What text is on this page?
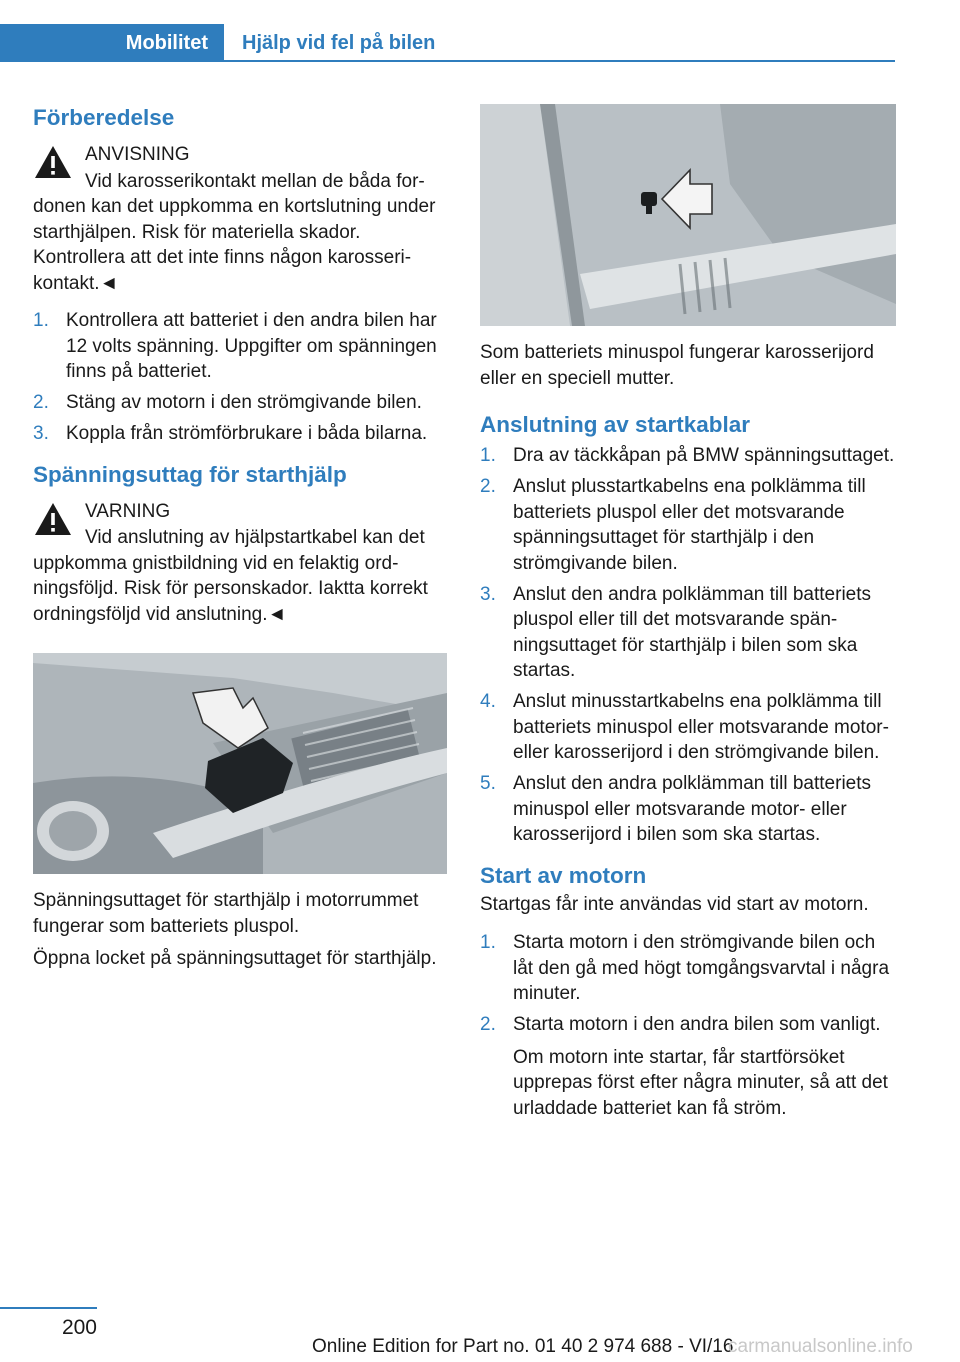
Mobilitet	Hjälp vid fel på bilen
Förberedelse
ANVISNING
Vid karosserikontakt mellan de båda fordonen kan det uppkomma en kortslutning under starthjälpen. Risk för materiella skador. Kontrollera att det inte finns någon karosserikontakt.◄
1. Kontrollera att batteriet i den andra bilen har 12 volts spänning. Uppgifter om spänningen finns på batteriet.
2. Stäng av motorn i den strömgivande bilen.
3. Koppla från strömförbrukare i båda bilarna.
Spänningsuttag för starthjälp
VARNING
Vid anslutning av hjälpstartkabel kan det uppkomma gnistbildning vid en felaktig ordningsföljd. Risk för personskador. Iaktta korrekt ordningsföljd vid anslutning.◄

Spänningsuttaget för starthjälp i motorrummet fungerar som batteriets pluspol.

Öppna locket på spänningsuttaget för starthjälp.

Som batteriets minuspol fungerar karosserijord eller en speciell mutter.

Anslutning av startkablar
1. Dra av täckkåpan på BMW spänningsuttaget.
2. Anslut plusstartkabelns ena polklämma till batteriets pluspol eller det motsvarande spänningsuttaget för starthjälp i den strömgivande bilen.
3. Anslut den andra polklämman till batteriets pluspol eller till det motsvarande spänningsuttaget för starthjälp i bilen som ska startas.
4. Anslut minusstartkabelns ena polklämma till batteriets minuspol eller motsvarande motor- eller karosserijord i den strömgivande bilen.
5. Anslut den andra polklämman till batteriets minuspol eller motsvarande motor- eller karosserijord i bilen som ska startas.
Start av motorn

Startgas får inte användas vid start av motorn.

1. Starta motorn i den strömgivande bilen och låt den gå med högt tomgångsvarvtal i några minuter.
2. Starta motorn i den andra bilen som vanligt.
Om motorn inte startar, får startförsöket upprepas först efter några minuter, så att det urladdade batteriet kan få ström.
200
Online Edition for Part no. 01 40 2 974 688 - VI/16
carmanualsonline.info
